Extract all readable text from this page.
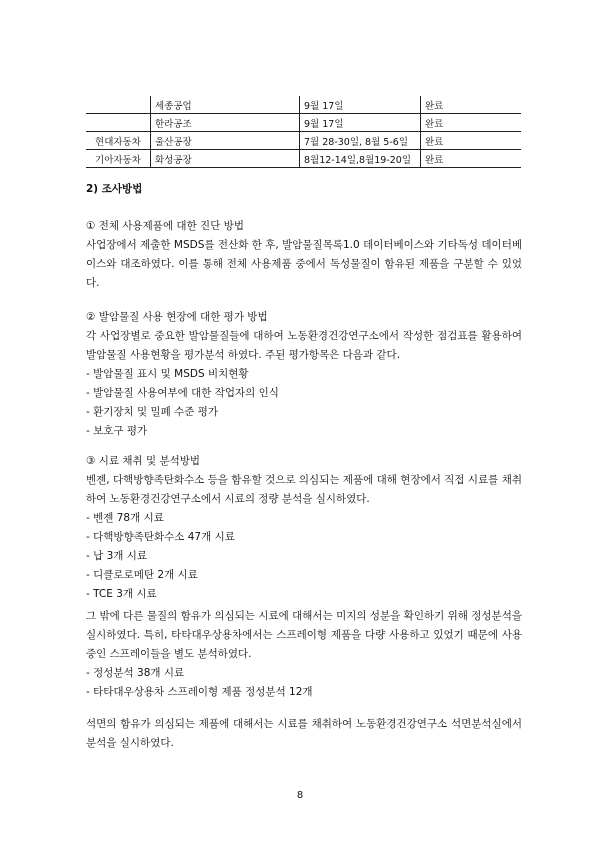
	세종공업	9월 17일	완료
	한라공조	9월 17일	완료
현대자동차	울산공장	7월 28-30일, 8월 5-6일	완료
기아자동차	화성공장	8월12-14일,8월19-20일	완료
2) 조사방법
① 전체 사용제품에 대한 진단 방법

사업장에서 제출한 MSDS를 전산화 한 후, 발암물질목록1.0 데이터베이스와 기타독성 데이터베이스와 대조하였다. 이를 통해 전체 사용제품 중에서 독성물질이 함유된 제품을 구분할 수 있었다.

② 발암물질 사용 현장에 대한 평가 방법

각 사업장별로 중요한 발암물질들에 대하여 노동환경건강연구소에서 작성한 점검표를 활용하여 발암물질 사용현황을 평가분석 하였다. 주된 평가항목은 다음과 같다.

- 발암물질 표시 및 MSDS 비치현황
- 발암물질 사용여부에 대한 작업자의 인식
- 환기장치 및 밀폐 수준 평가
- 보호구 평가
③ 시료 채취 및 분석방법

벤젠, 다핵방향족탄화수소 등을 함유할 것으로 의심되는 제품에 대해 현장에서 직접 시료를 채취하여 노동환경건강연구소에서 시료의 정량 분석을 실시하였다.

- 벤젠 78개 시료
- 다핵방향족탄화수소 47개 시료
- 납 3개 시료
- 디클로로메탄 2개 시료
- TCE 3개 시료

그 밖에 다른 물질의 함유가 의심되는 시료에 대해서는 미지의 성분을 확인하기 위해 정성분석을 실시하였다. 특히, 타타대우상용차에서는 스프레이형 제품을 다량 사용하고 있었기 때문에 사용 중인 스프레이들을 별도 분석하였다.

- 정성분석 38개 시료
- 타타대우상용차 스프레이형 제품 정성분석 12개

석면의 함유가 의심되는 제품에 대해서는 시료를 채취하여 노동환경건강연구소 석면분석실에서 분석을 실시하였다.

8
